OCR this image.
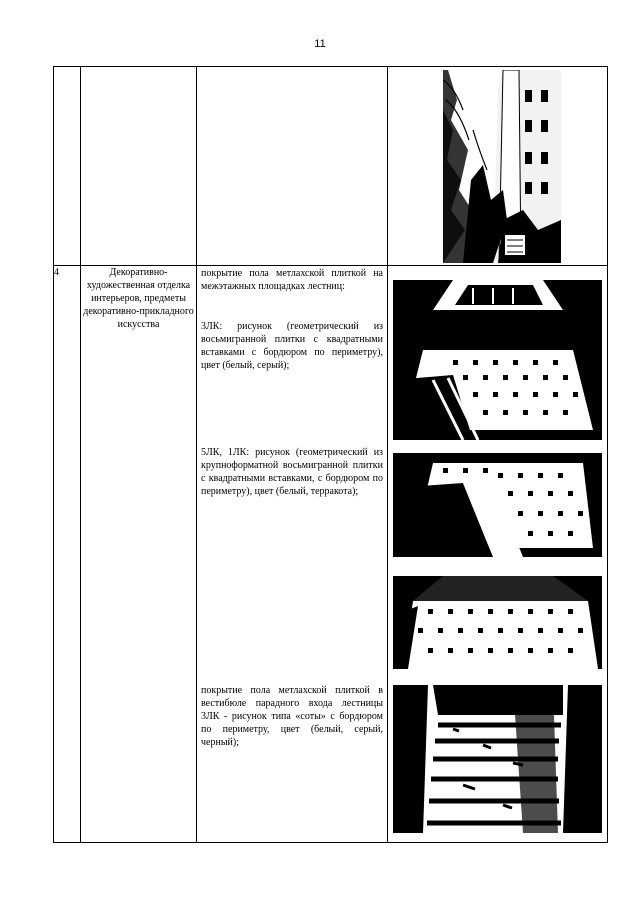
11

4	Декоративно-художественная отделка интерьеров, предметы декоративно-прикладного искусства	покрытие пола метлахской плиткой на межэтажных площадках лестниц:
3ЛК: рисунок (геометрический из восьмигранной плитки с квадратными вставками с бордюром по периметру), цвет (белый, серый);
5ЛК, 1ЛК: рисунок (геометрический из крупноформатной восьмигранной плитки с квадратными вставками, с бордюром по периметру), цвет (белый, терракота);
покрытие пола метлахской плиткой в вестибюле парадного входа лестницы 3ЛК - рисунок типа «соты» с бордюром по периметру, цвет (белый, серый, черный);
